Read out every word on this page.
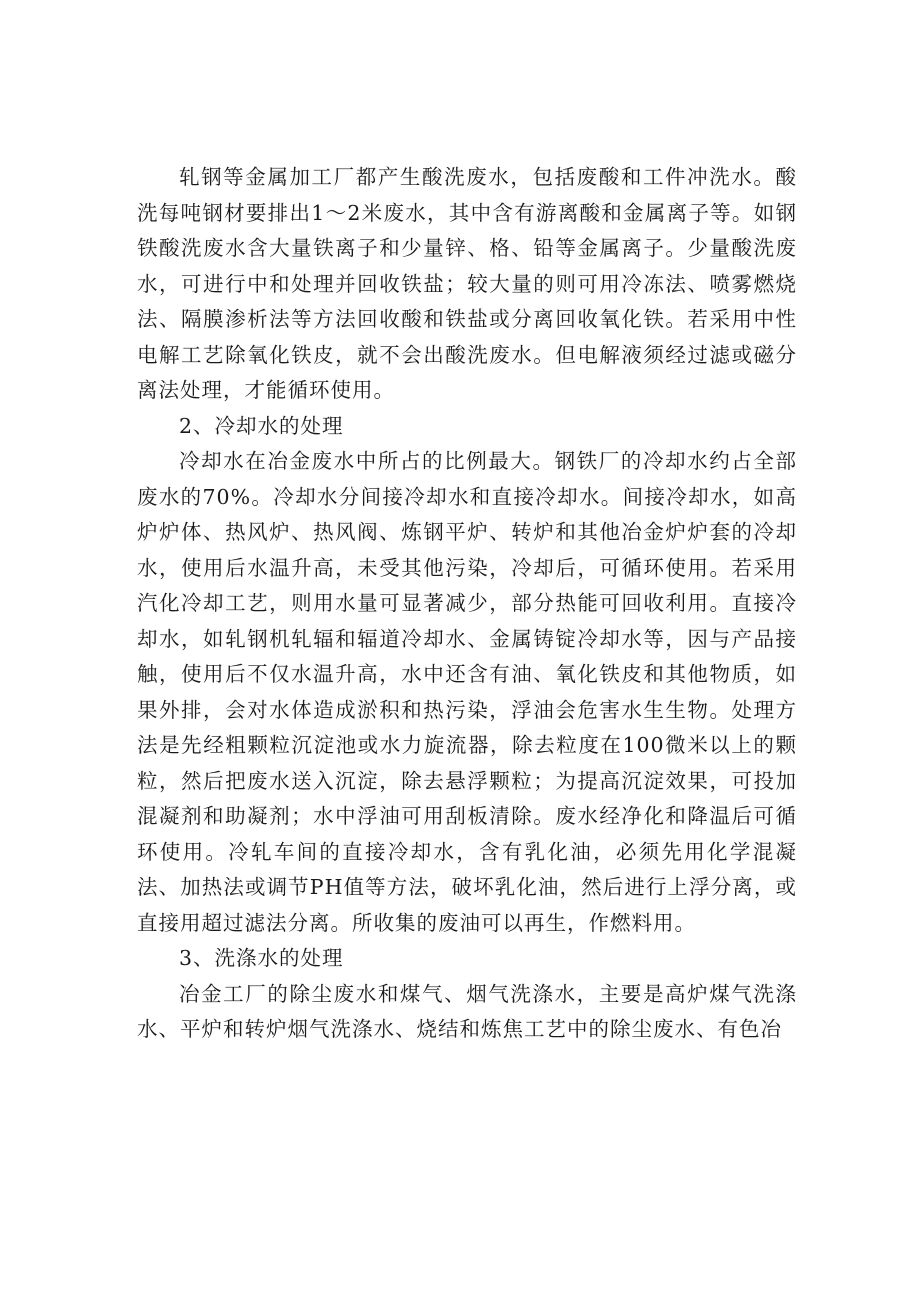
轧钢等金属加工厂都产生酸洗废水，包括废酸和工件冲洗水。酸洗每吨钢材要排出1～2米废水，其中含有游离酸和金属离子等。如钢铁酸洗废水含大量铁离子和少量锌、格、铅等金属离子。少量酸洗废水，可进行中和处理并回收铁盐；较大量的则可用冷冻法、喷雾燃烧法、隔膜渗析法等方法回收酸和铁盐或分离回收氧化铁。若采用中性电解工艺除氧化铁皮，就不会出酸洗废水。但电解液须经过滤或磁分离法处理，才能循环使用。

2、冷却水的处理

冷却水在冶金废水中所占的比例最大。钢铁厂的冷却水约占全部废水的70%。冷却水分间接冷却水和直接冷却水。间接冷却水，如高炉炉体、热风炉、热风阀、炼钢平炉、转炉和其他冶金炉炉套的冷却水，使用后水温升高，未受其他污染，冷却后，可循环使用。若采用汽化冷却工艺，则用水量可显著减少，部分热能可回收利用。直接冷却水，如轧钢机轧辐和辐道冷却水、金属铸锭冷却水等，因与产品接触，使用后不仅水温升高，水中还含有油、氧化铁皮和其他物质，如果外排，会对水体造成淤积和热污染，浮油会危害水生生物。处理方法是先经粗颗粒沉淀池或水力旋流器，除去粒度在100微米以上的颗粒，然后把废水送入沉淀，除去悬浮颗粒；为提高沉淀效果，可投加混凝剂和助凝剂；水中浮油可用刮板清除。废水经净化和降温后可循环使用。冷轧车间的直接冷却水，含有乳化油，必须先用化学混凝法、加热法或调节PH值等方法，破坏乳化油，然后进行上浮分离，或直接用超过滤法分离。所收集的废油可以再生，作燃料用。

3、洗涤水的处理

冶金工厂的除尘废水和煤气、烟气洗涤水，主要是高炉煤气洗涤水、平炉和转炉烟气洗涤水、烧结和炼焦工艺中的除尘废水、有色冶
